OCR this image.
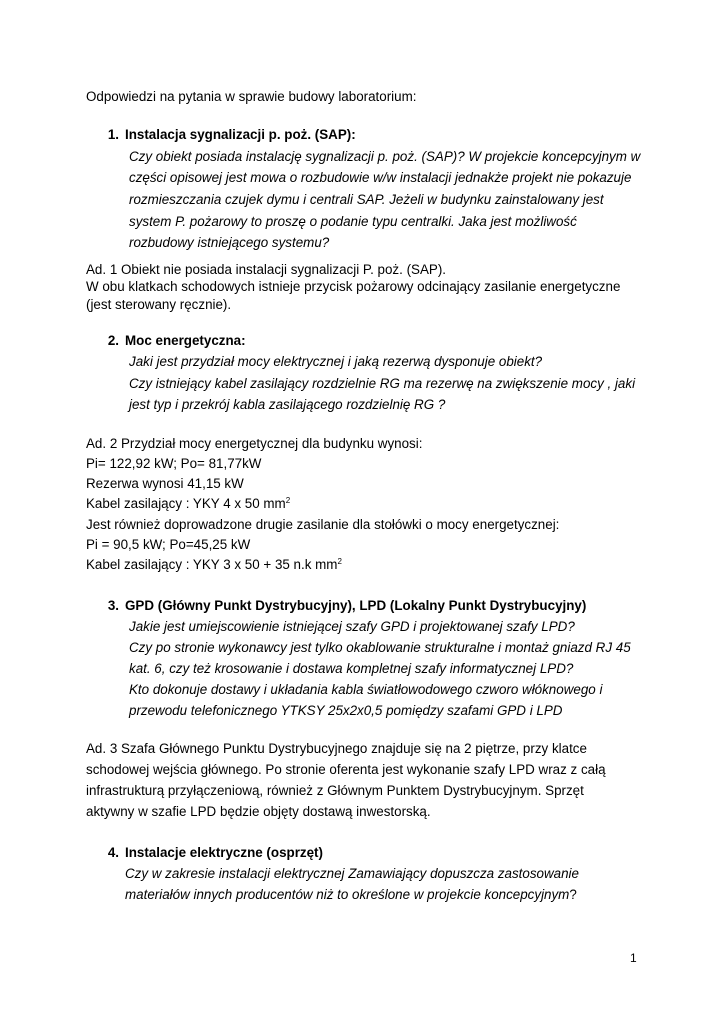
Odpowiedzi na pytania w sprawie budowy laboratorium:
1. Instalacja sygnalizacji p. poż. (SAP):
Czy obiekt posiada instalację sygnalizacji p. poż. (SAP)? W projekcie koncepcyjnym w
części opisowej jest mowa o rozbudowie w/w instalacji jednakże projekt nie pokazuje
rozmieszczania czujek dymu i centrali SAP. Jeżeli w budynku zainstalowany jest
system P. pożarowy to proszę o podanie typu centralki. Jaka jest możliwość
rozbudowy istniejącego systemu?
Ad. 1 Obiekt nie posiada instalacji sygnalizacji P. poż. (SAP).
W obu klatkach schodowych istnieje przycisk pożarowy odcinający zasilanie energetyczne
(jest sterowany ręcznie).
2. Moc energetyczna:
Jaki jest przydział mocy elektrycznej i jaką rezerwą dysponuje obiekt?
Czy istniejący kabel zasilający rozdzielnie RG ma rezerwę na zwiększenie mocy , jaki
jest typ i przekrój kabla zasilającego rozdzielnię RG ?
Ad. 2 Przydział mocy energetycznej dla budynku wynosi:
Pi= 122,92 kW; Po= 81,77kW
Rezerwa wynosi 41,15 kW
Kabel zasilający : YKY 4 x 50 $mm^2$
Jest również doprowadzone drugie zasilanie dla stołówki o mocy energetycznej:
Pi = 90,5 kW; Po=45,25 kW
Kabel zasilający : YKY 3 x 50 + 35 n.k $mm^2$
3. GPD (Główny Punkt Dystrybucyjny), LPD (Lokalny Punkt Dystrybucyjny)
Jakie jest umiejscowienie istniejącej szafy GPD i projektowanej szafy LPD?
Czy po stronie wykonawcy jest tylko okablowanie strukturalne i montaż gniazd RJ 45
kat. 6, czy też krosowanie i dostawa kompletnej szafy informatycznej LPD?
Kto dokonuje dostawy i układania kabla światłowodowego czworo włóknowego i
przewodu telefonicznego YTKSY 25x2x0,5 pomiędzy szafami GPD i LPD
Ad. 3 Szafa Głównego Punktu Dystrybucyjnego znajduje się na 2 piętrze, przy klatce
schodowej wejścia głównego. Po stronie oferenta jest wykonanie szafy LPD wraz z całą
infrastrukturą przyłączeniową, również z Głównym Punktem Dystrybucyjnym. Sprzęt
aktywny w szafie LPD będzie objęty dostawą inwestorską.
4. Instalacje elektryczne (osprzęt)
Czy w zakresie instalacji elektrycznej Zamawiający dopuszcza zastosowanie
materiałów innych producentów niż to określone w projekcie koncepcyjnym?
1
